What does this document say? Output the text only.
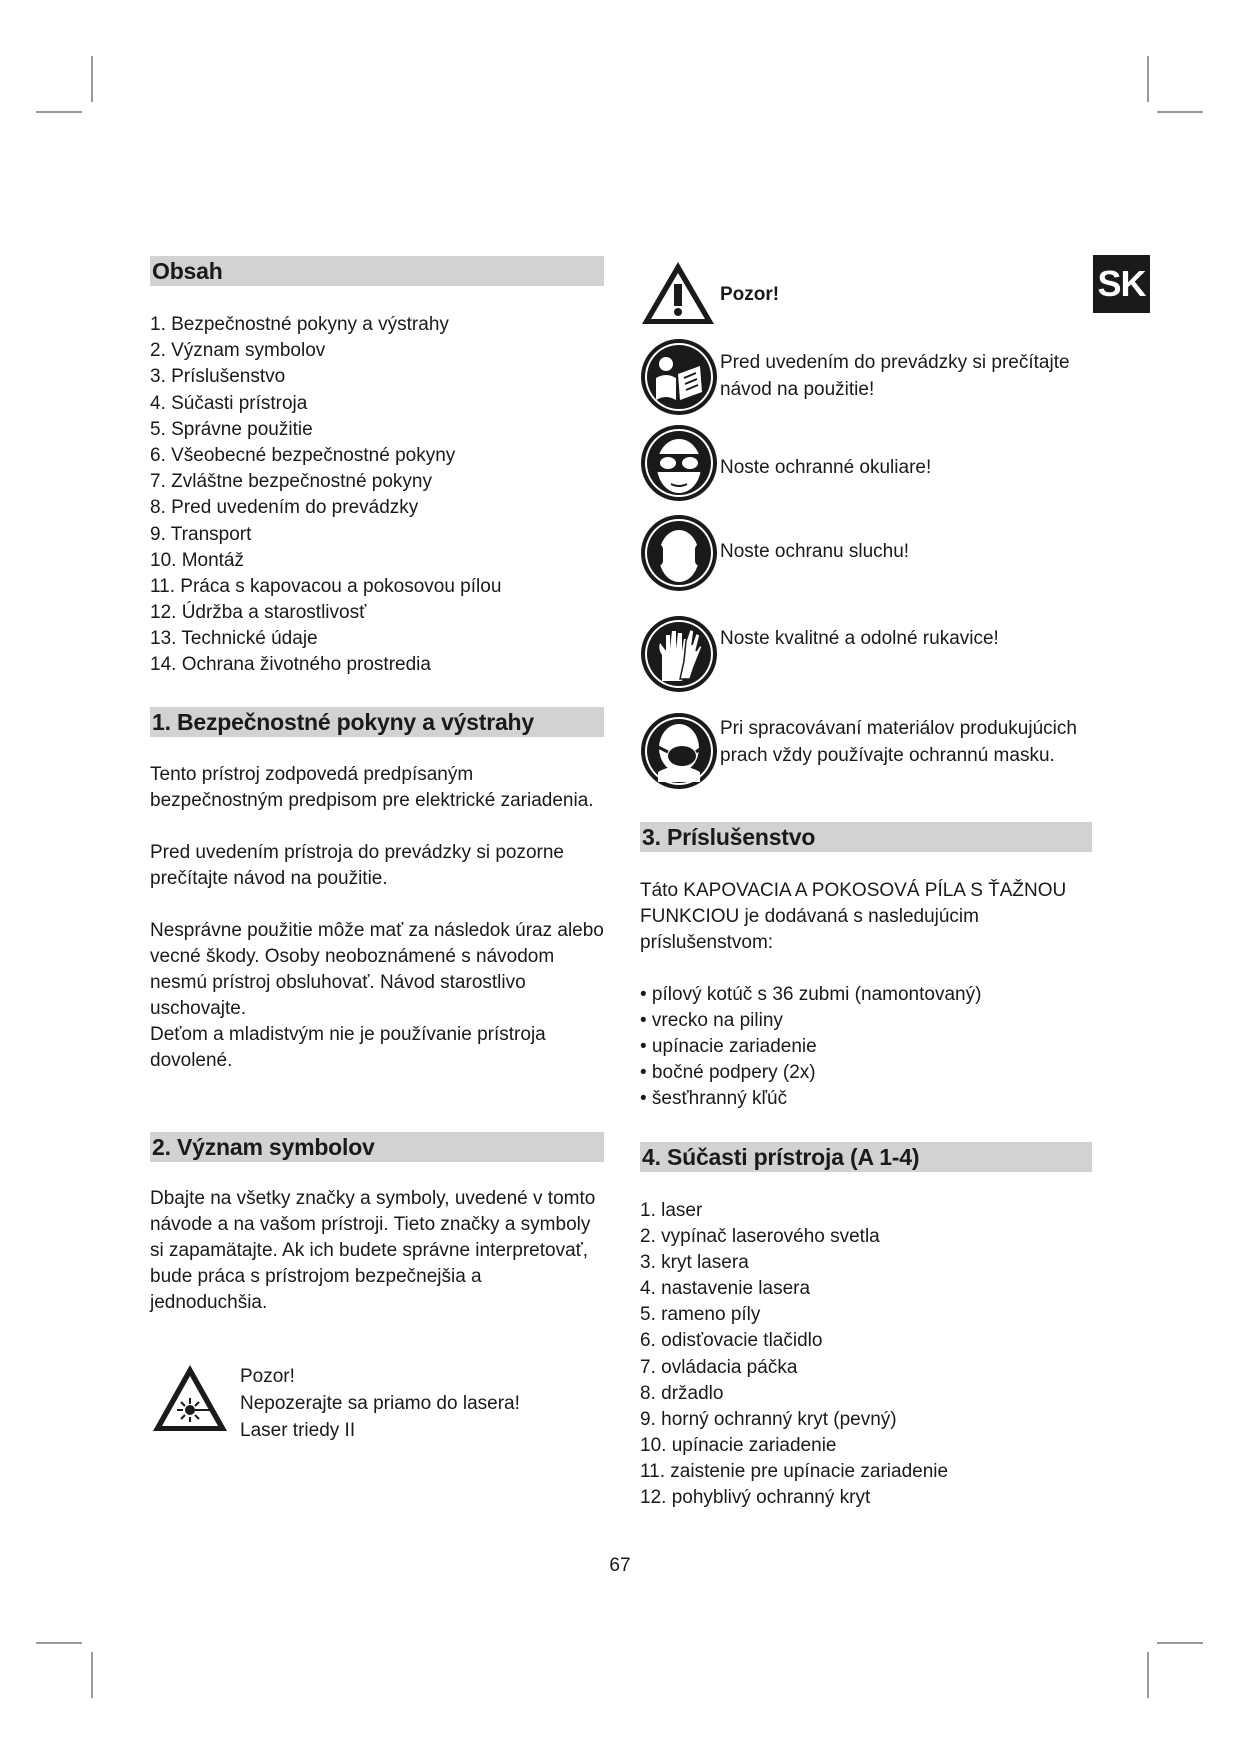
SK
Obsah
1. Bezpečnostné pokyny a výstrahy
2. Význam symbolov
3. Príslušenstvo
4. Súčasti prístroja
5. Správne použitie
6. Všeobecné bezpečnostné pokyny
7. Zvláštne bezpečnostné pokyny
8. Pred uvedením do prevádzky
9. Transport
10. Montáž
11. Práca s kapovacou a pokosovou pílou
12. Údržba a starostlivosť
13. Technické údaje
14. Ochrana životného prostredia
1. Bezpečnostné pokyny a výstrahy

Tento prístroj zodpovedá predpísaným bezpečnostným predpisom pre elektrické zariadenia.

Pred uvedením prístroja do prevádzky si pozorne prečítajte návod na použitie.

Nesprávne použitie môže mať za následok úraz alebo vecné škody. Osoby neoboznámené s návodom nesmú prístroj obsluhovať. Návod starostlivo uschovajte.

Deťom a mladistvým nie je používanie prístroja dovolené.

2. Význam symbolov

Dbajte na všetky značky a symboly, uvedené v tomto návode a na vašom prístroji. Tieto značky a symboly si zapamätajte. Ak ich budete správne interpretovať, bude práca s prístrojom bezpečnejšia a jednoduchšia.

Pozor!
Nepozerajte sa priamo do lasera!
Laser triedy II
Pozor!
Pred uvedením do prevádzky si prečítajte návod na použitie!
Noste ochranné okuliare!
Noste ochranu sluchu!
Noste kvalitné a odolné rukavice!
Pri spracovávaní materiálov produkujúcich prach vždy používajte ochrannú masku.
3. Príslušenstvo

Táto KAPOVACIA A POKOSOVÁ PÍLA S ŤAŽNOU FUNKCIOU je dodávaná s nasledujúcim príslušenstvom:

• pílový kotúč s 36 zubmi (namontovaný)
• vrecko na piliny
• upínacie zariadenie
• bočné podpery (2x)
• šesťhranný kľúč
4. Súčasti prístroja (A 1-4)
1. laser
2. vypínač laserového svetla
3. kryt lasera
4. nastavenie lasera
5. rameno píly
6. odisťovacie tlačidlo
7. ovládacia páčka
8. držadlo
9. horný ochranný kryt (pevný)
10. upínacie zariadenie
11. zaistenie pre upínacie zariadenie
12. pohyblivý ochranný kryt
67
